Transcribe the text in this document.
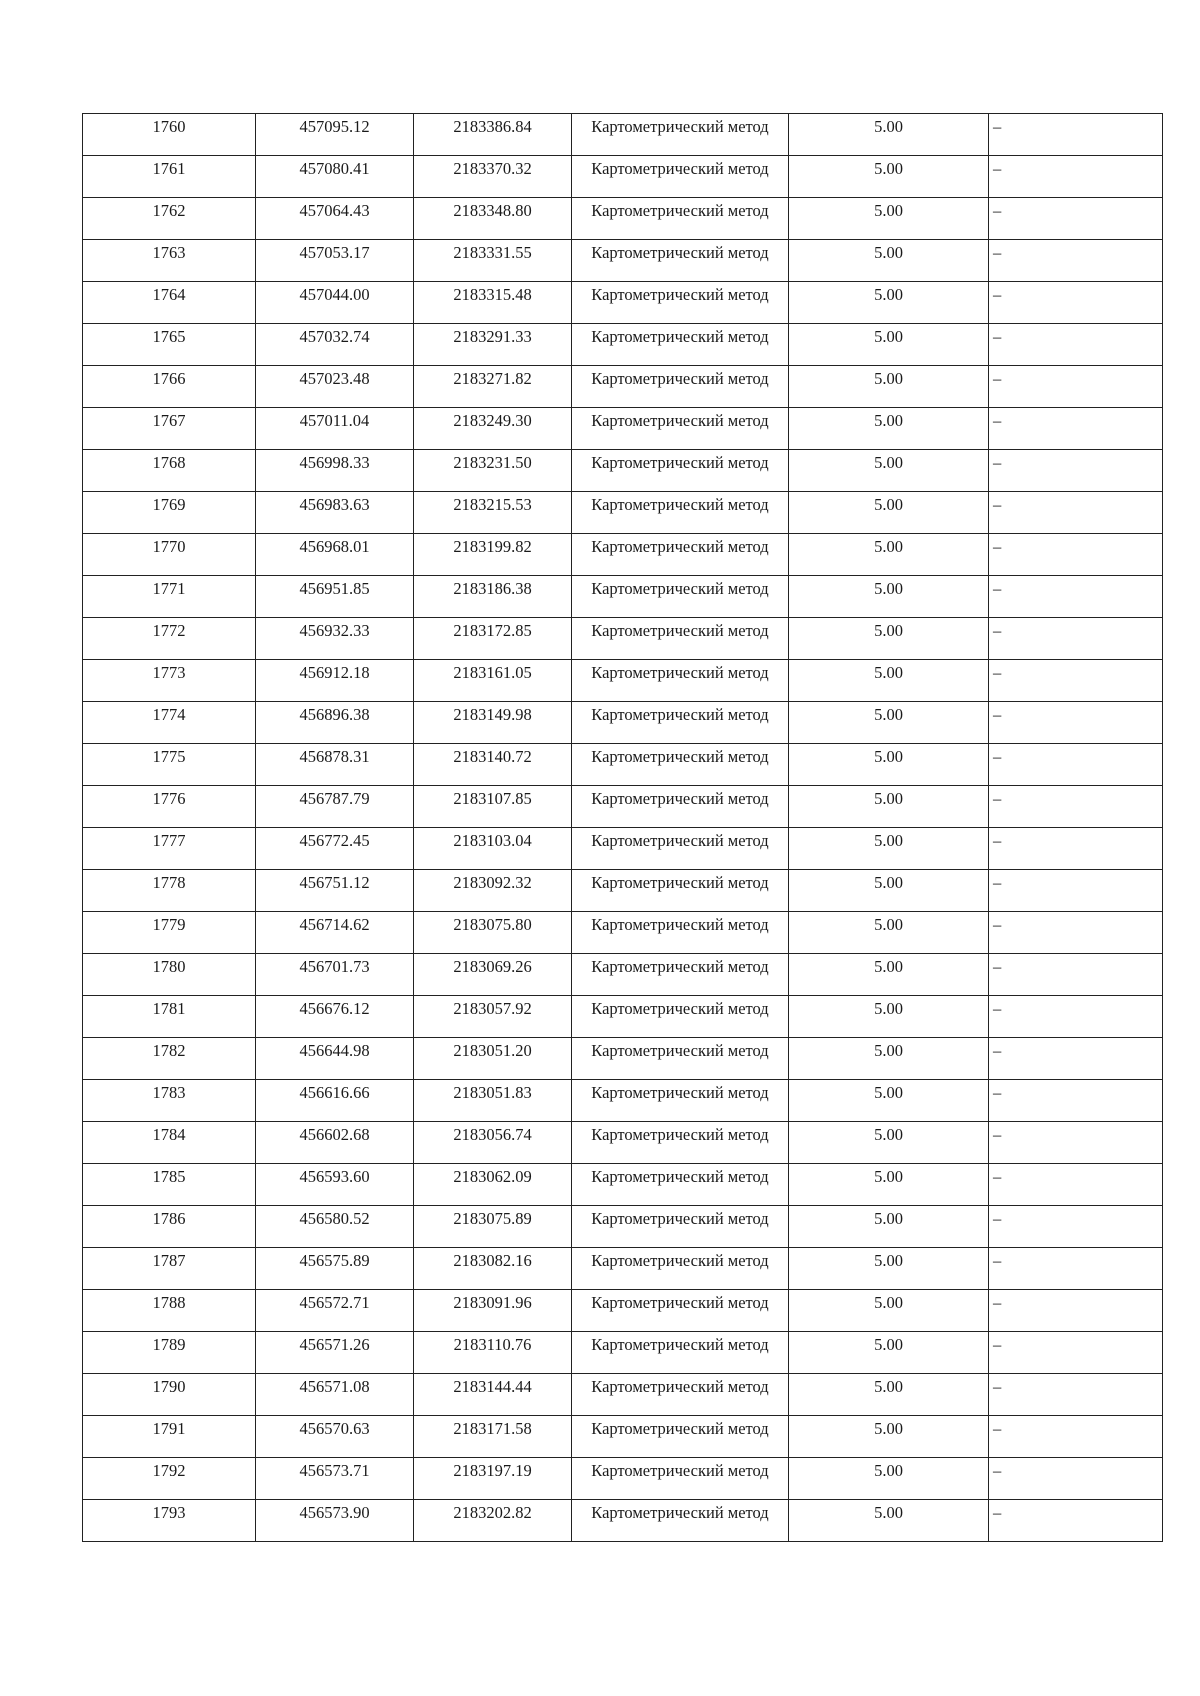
1760	457095.12	2183386.84	Картометрический метод	5.00	–
1761	457080.41	2183370.32	Картометрический метод	5.00	–
1762	457064.43	2183348.80	Картометрический метод	5.00	–
1763	457053.17	2183331.55	Картометрический метод	5.00	–
1764	457044.00	2183315.48	Картометрический метод	5.00	–
1765	457032.74	2183291.33	Картометрический метод	5.00	–
1766	457023.48	2183271.82	Картометрический метод	5.00	–
1767	457011.04	2183249.30	Картометрический метод	5.00	–
1768	456998.33	2183231.50	Картометрический метод	5.00	–
1769	456983.63	2183215.53	Картометрический метод	5.00	–
1770	456968.01	2183199.82	Картометрический метод	5.00	–
1771	456951.85	2183186.38	Картометрический метод	5.00	–
1772	456932.33	2183172.85	Картометрический метод	5.00	–
1773	456912.18	2183161.05	Картометрический метод	5.00	–
1774	456896.38	2183149.98	Картометрический метод	5.00	–
1775	456878.31	2183140.72	Картометрический метод	5.00	–
1776	456787.79	2183107.85	Картометрический метод	5.00	–
1777	456772.45	2183103.04	Картометрический метод	5.00	–
1778	456751.12	2183092.32	Картометрический метод	5.00	–
1779	456714.62	2183075.80	Картометрический метод	5.00	–
1780	456701.73	2183069.26	Картометрический метод	5.00	–
1781	456676.12	2183057.92	Картометрический метод	5.00	–
1782	456644.98	2183051.20	Картометрический метод	5.00	–
1783	456616.66	2183051.83	Картометрический метод	5.00	–
1784	456602.68	2183056.74	Картометрический метод	5.00	–
1785	456593.60	2183062.09	Картометрический метод	5.00	–
1786	456580.52	2183075.89	Картометрический метод	5.00	–
1787	456575.89	2183082.16	Картометрический метод	5.00	–
1788	456572.71	2183091.96	Картометрический метод	5.00	–
1789	456571.26	2183110.76	Картометрический метод	5.00	–
1790	456571.08	2183144.44	Картометрический метод	5.00	–
1791	456570.63	2183171.58	Картометрический метод	5.00	–
1792	456573.71	2183197.19	Картометрический метод	5.00	–
1793	456573.90	2183202.82	Картометрический метод	5.00	–
